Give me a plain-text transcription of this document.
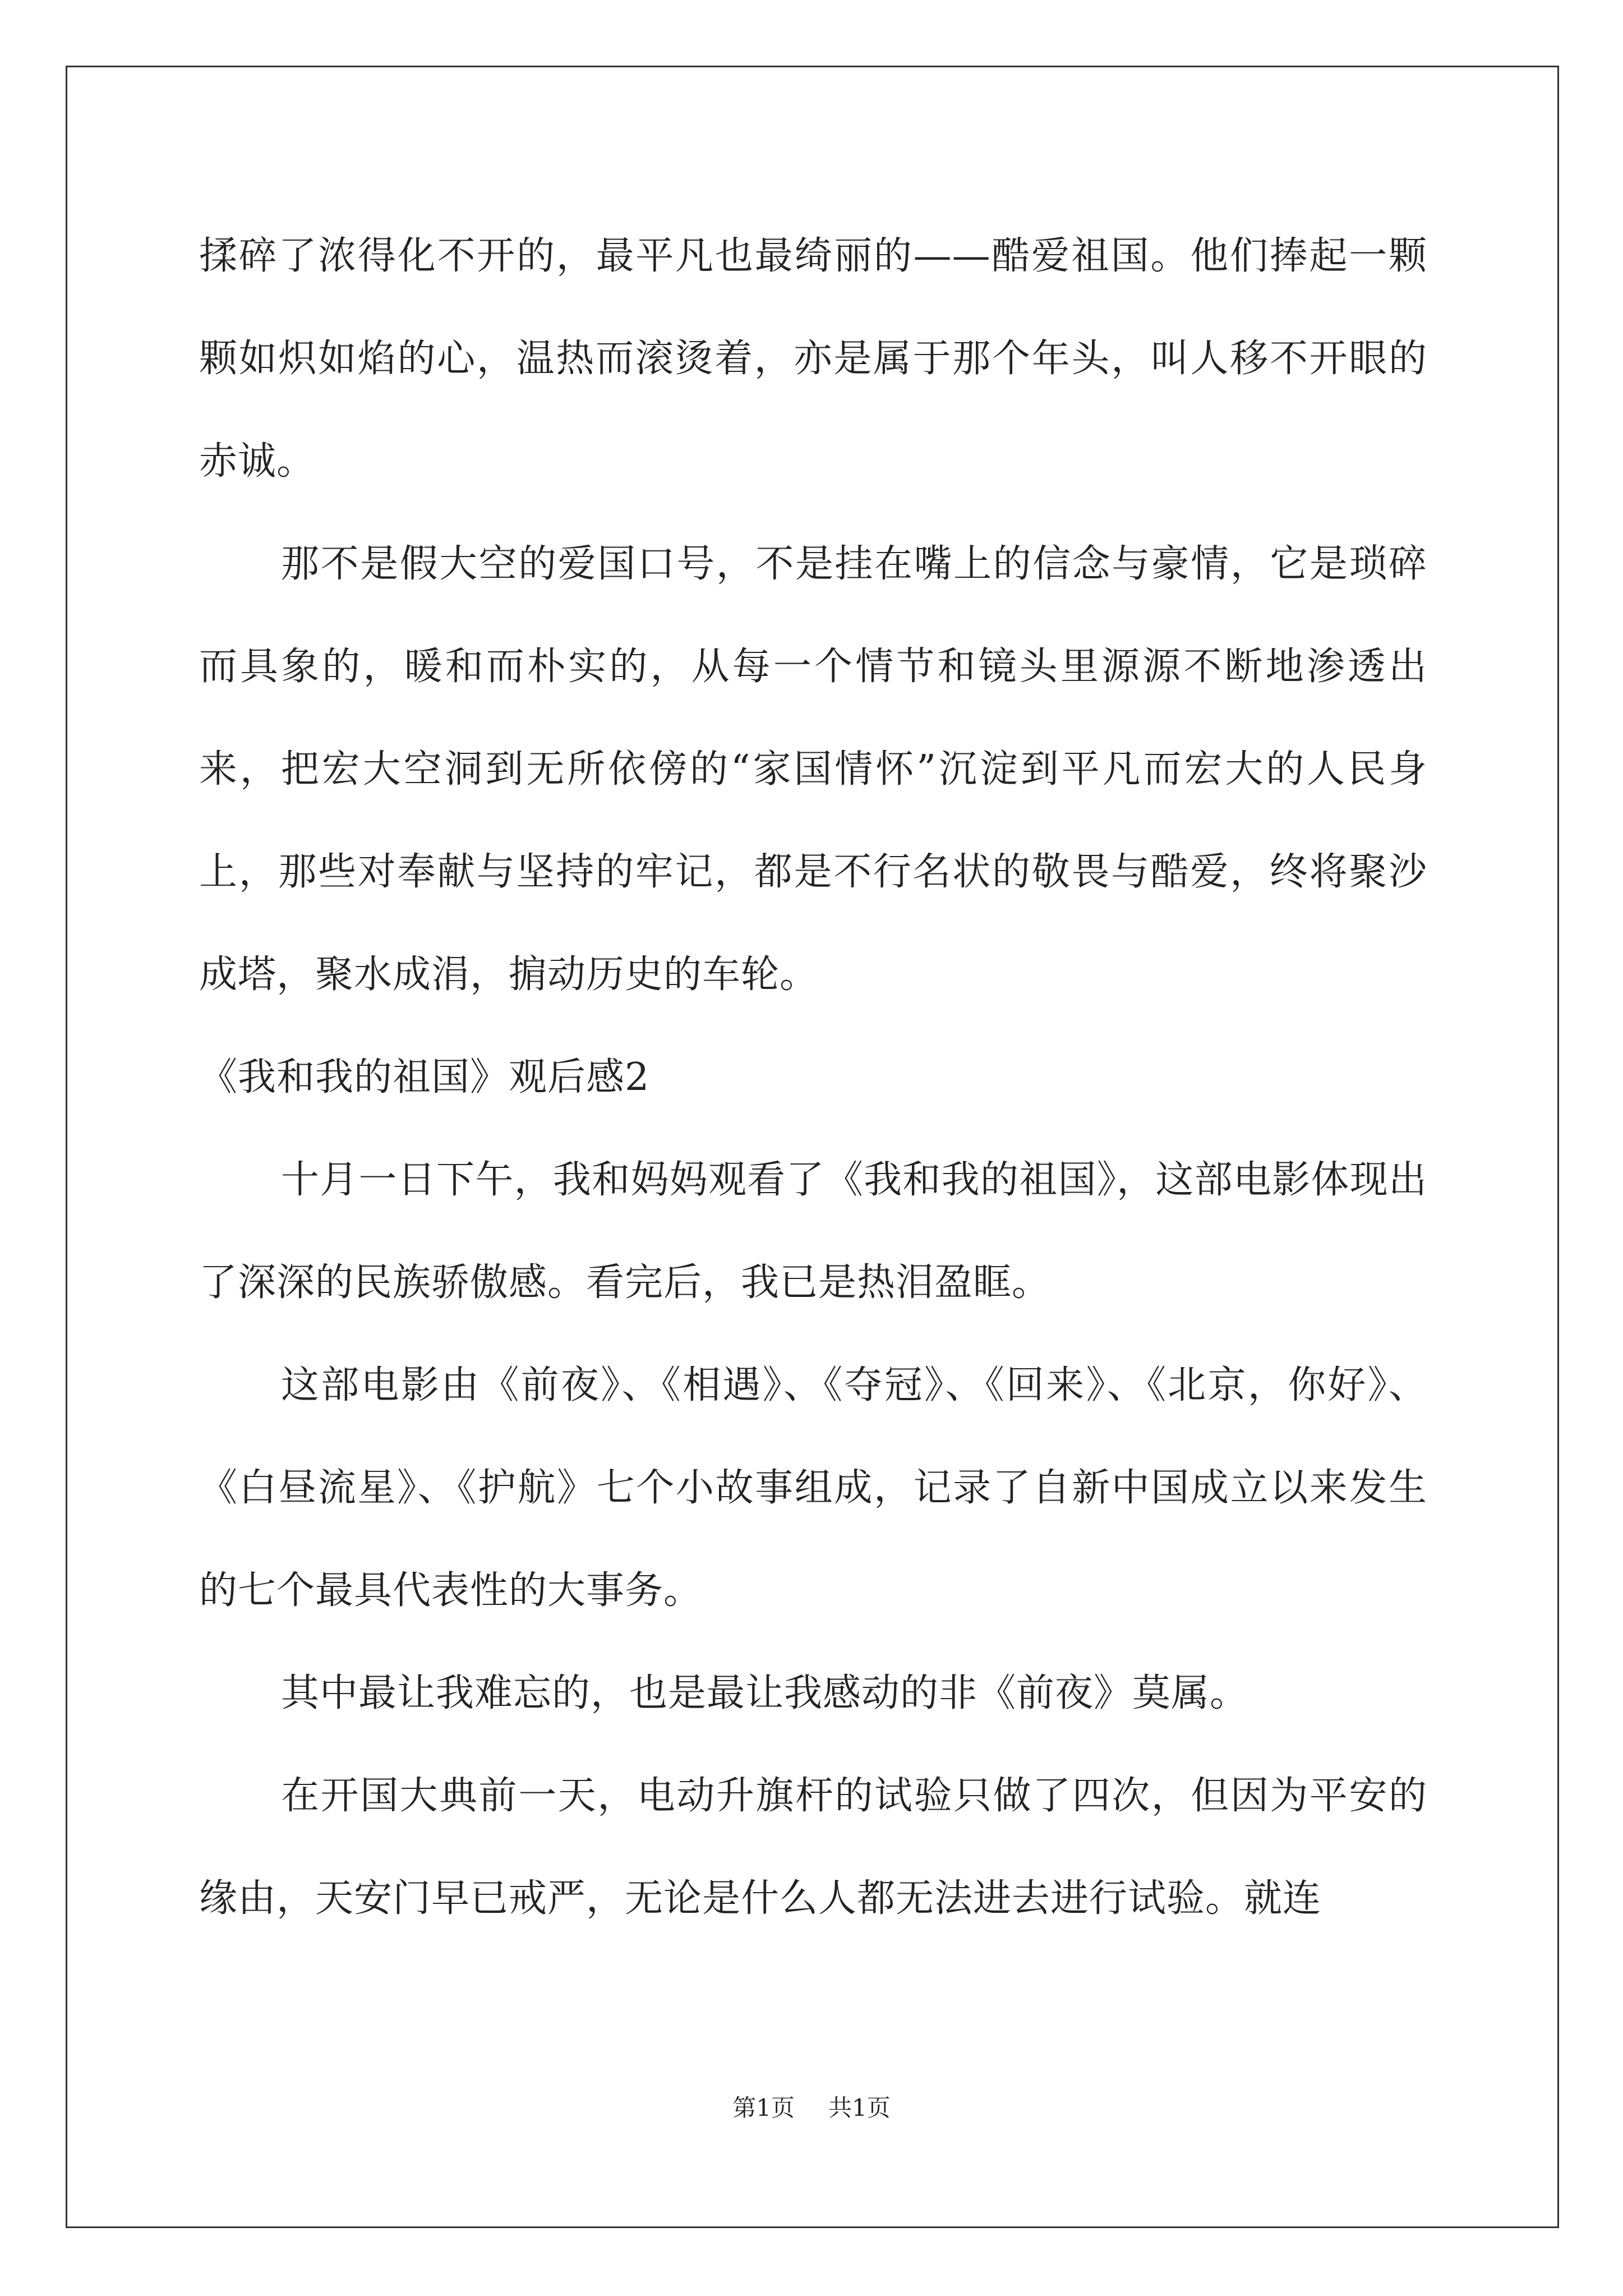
揉碎了浓得化不开的，最平凡也最绮丽的——酷爱祖国。他们捧起一颗颗如炽如焰的心，温热而滚烫着，亦是属于那个年头，叫人移不开眼的赤诚。

那不是假大空的爱国口号，不是挂在嘴上的信念与豪情，它是琐碎而具象的，暖和而朴实的，从每一个情节和镜头里源源不断地渗透出来，把宏大空洞到无所依傍的“家国情怀”沉淀到平凡而宏大的人民身上，那些对奉献与坚持的牢记，都是不行名状的敬畏与酷爱，终将聚沙成塔，聚水成涓，掮动历史的车轮。

《我和我的祖国》观后感2

十月一日下午，我和妈妈观看了《我和我的祖国》，这部电影体现出了深深的民族骄傲感。看完后，我已是热泪盈眶。

这部电影由《前夜》、《相遇》、《夺冠》、《回来》、《北京，你好》、《白昼流星》、《护航》七个小故事组成，记录了自新中国成立以来发生的七个最具代表性的大事务。

其中最让我难忘的，也是最让我感动的非《前夜》莫属。

在开国大典前一天，电动升旗杆的试验只做了四次，但因为平安的缘由，天安门早已戒严，无论是什么人都无法进去进行试验。就连

第1页 共1页
